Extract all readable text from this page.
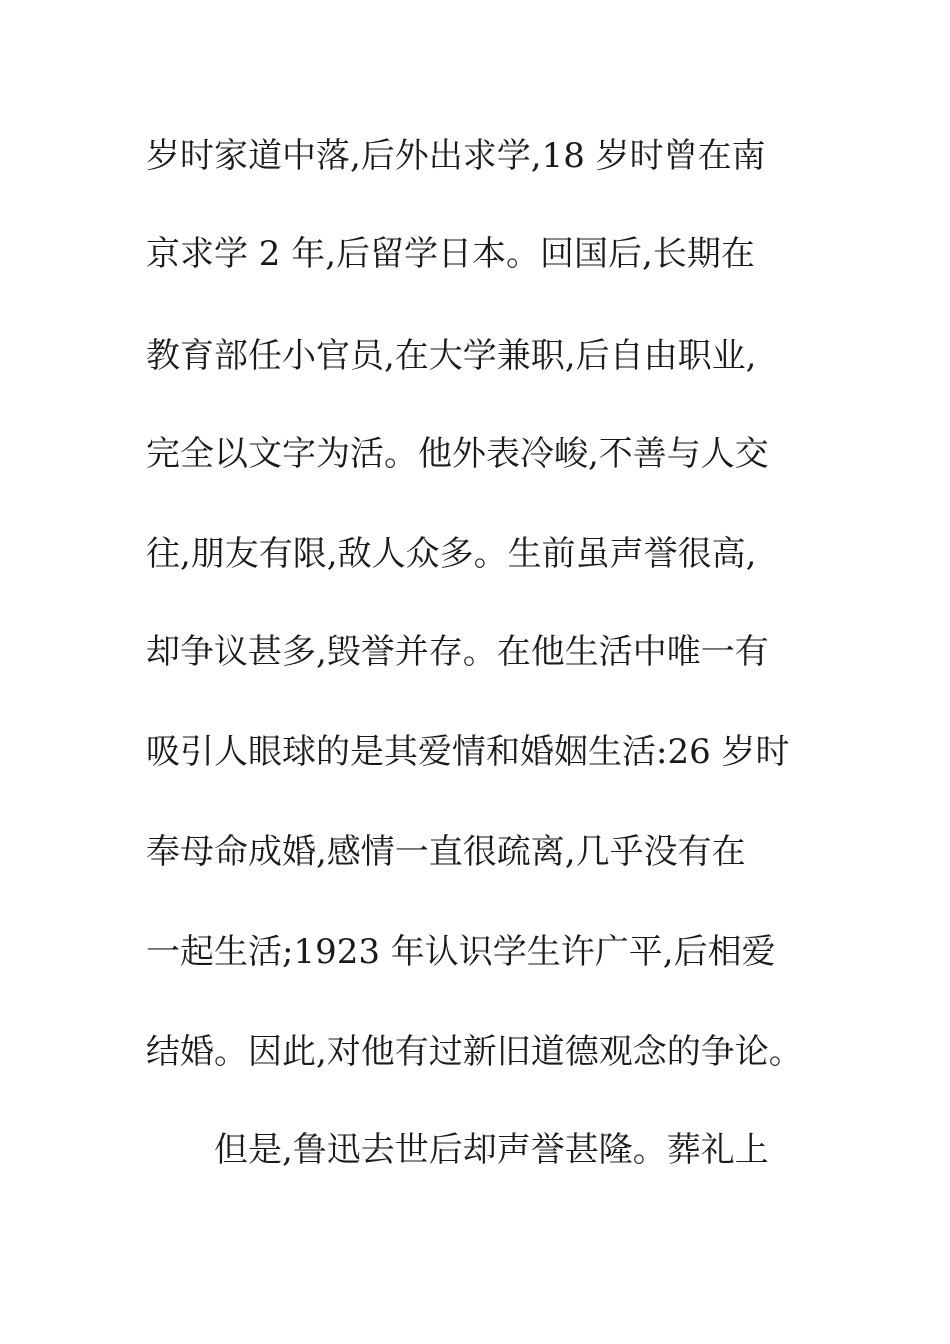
岁时家道中落,后外出求学,18 岁时曾在南

京求学 2 年,后留学日本。回国后,长期在

教育部任小官员,在大学兼职,后自由职业,

完全以文字为活。他外表冷峻,不善与人交

往,朋友有限,敌人众多。生前虽声誉很高,

却争议甚多,毁誉并存。在他生活中唯一有

吸引人眼球的是其爱情和婚姻生活:26 岁时

奉母命成婚,感情一直很疏离,几乎没有在

一起生活;1923 年认识学生许广平,后相爱

结婚。因此,对他有过新旧道德观念的争论。

但是,鲁迅去世后却声誉甚隆。葬礼上
